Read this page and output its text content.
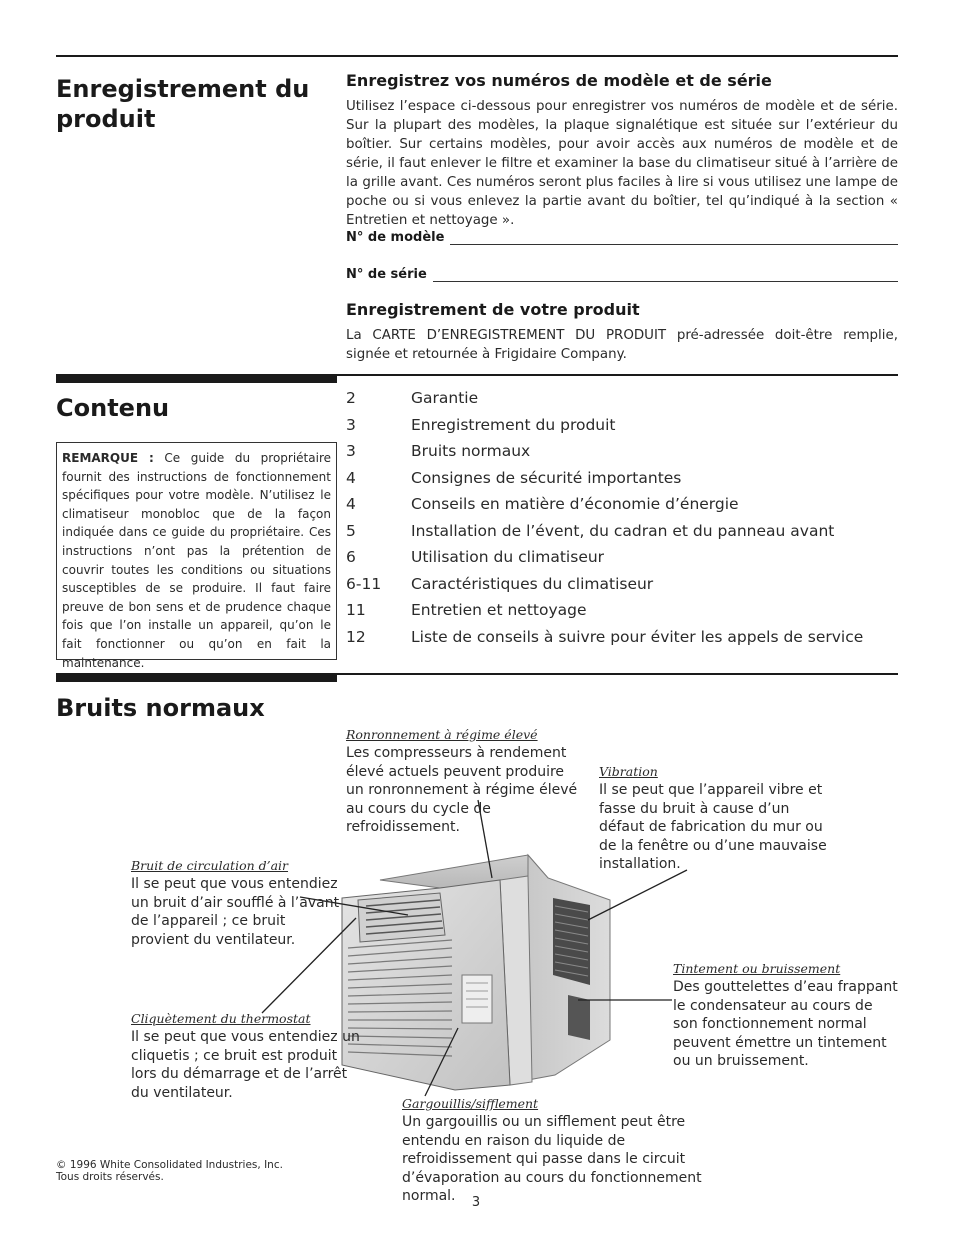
Enregistrement du produit
Enregistrez vos numéros de modèle et de série
Utilisez l’espace ci-dessous pour enregistrer vos numéros de modèle et de série. Sur la plupart des modèles, la plaque signalétique est située sur l’extérieur du boîtier. Sur certains modèles, pour avoir accès aux numéros de modèle et de série, il faut enlever le filtre et examiner la base du climatiseur situé à l’arrière de la grille avant. Ces numéros seront plus faciles à lire si vous utilisez une lampe de poche ou si vous enlevez la partie avant du boîtier, tel qu’indiqué à la section « Entretien et nettoyage ».
N° de modèle
N° de série
Enregistrement de votre produit
La CARTE D’ENREGISTREMENT DU PRODUIT pré-adressée doit-être remplie, signée et retournée à Frigidaire Company.
Contenu
REMARQUE : Ce guide du propriétaire fournit des instructions de fonctionnement spécifiques pour votre modèle. N’utilisez le climatiseur monobloc que de la façon indiquée dans ce guide du propriétaire. Ces instructions n’ont pas la prétention de couvrir toutes les conditions ou situations susceptibles de se produire. Il faut faire preuve de bon sens et de prudence chaque fois que l’on installe un appareil, qu’on le fait fonctionner ou qu’on en fait la maintenance.
2	Garantie
3	Enregistrement du produit
3	Bruits normaux
4	Consignes de sécurité importantes
4	Conseils en matière d’économie d’énergie
5	Installation de l’évent, du cadran et du panneau avant
6	Utilisation du climatiseur
6-11	Caractéristiques du climatiseur
11	Entretien et nettoyage
12	Liste de conseils à suivre pour éviter les appels de service
Bruits normaux
Ronronnement à régime élevé
Les compresseurs à rendement élevé actuels peuvent produire un ronronnement à régime élevé au cours du cycle de refroidissement.
Vibration
Il se peut que l’appareil vibre et fasse du bruit à cause d’un défaut de fabrication du mur ou de la fenêtre ou d’une mauvaise installation.
Bruit de circulation d’air
Il se peut que vous entendiez un bruit d’air soufflé à l’avant de l’appareil ; ce bruit provient du ventilateur.
Tintement ou bruissement
Des gouttelettes d’eau frappant le condensateur au cours de son fonctionnement normal peuvent émettre un tintement ou un bruissement.
Cliquètement du thermostat
Il se peut que vous entendiez un cliquetis ; ce bruit est produit lors du démarrage et de l’arrêt du ventilateur.
Gargouillis/sifflement
Un gargouillis ou un sifflement peut être entendu en raison du liquide de refroidissement qui passe dans le circuit d’évaporation au cours du fonctionnement normal.
© 1996 White Consolidated Industries, Inc.
Tous droits réservés.
3
